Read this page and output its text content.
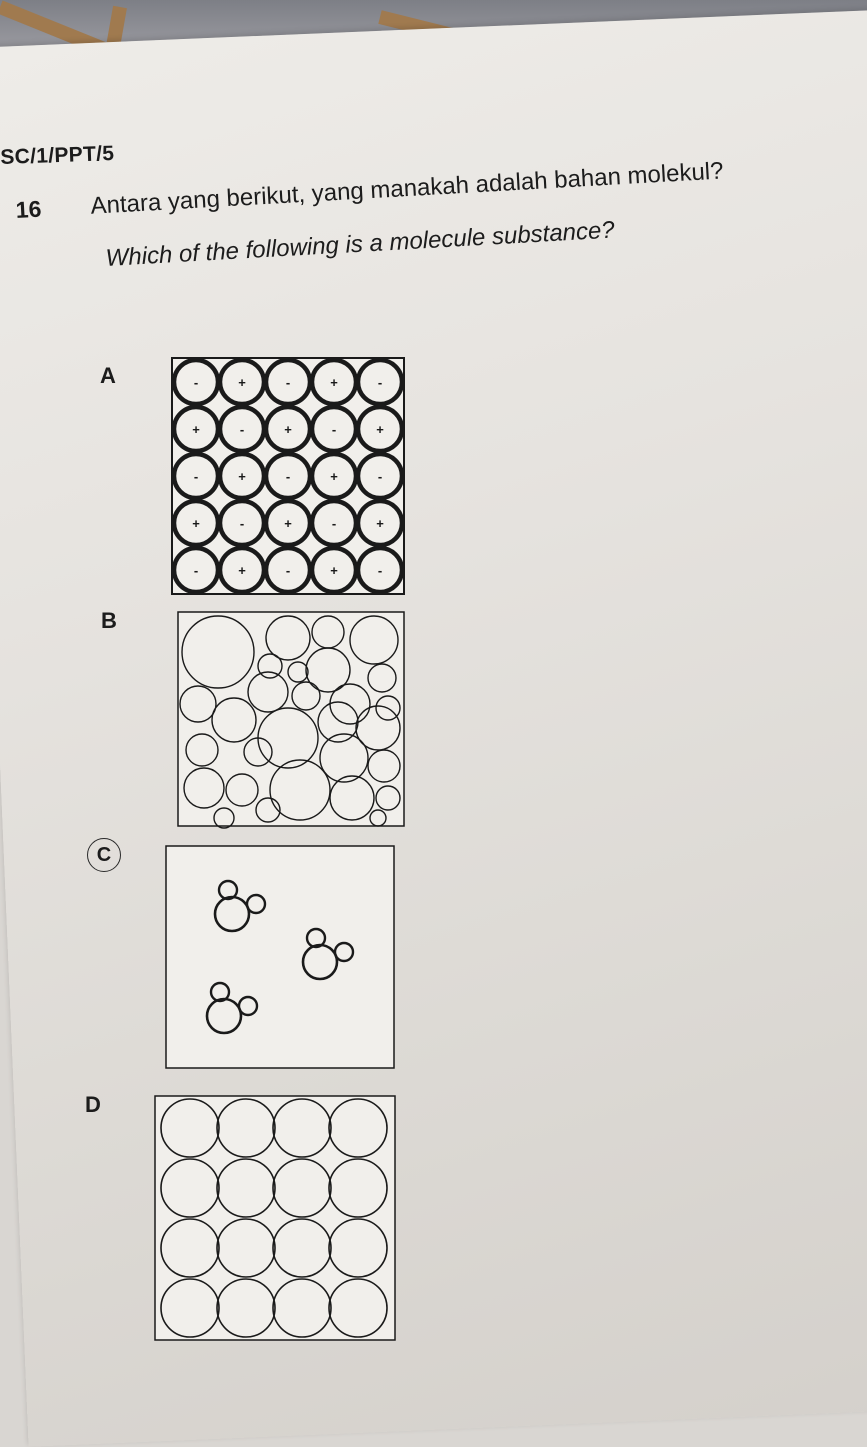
SC/1/PPT/5
16 Antara yang berikut, yang manakah adalah bahan molekul?
Which of the following is a molecule substance?
A
B
C
D
-	+	-	+	-
+	-	+	-	+
-	+	-	+	-
+	-	+	-	+
-	+	-	+	-
